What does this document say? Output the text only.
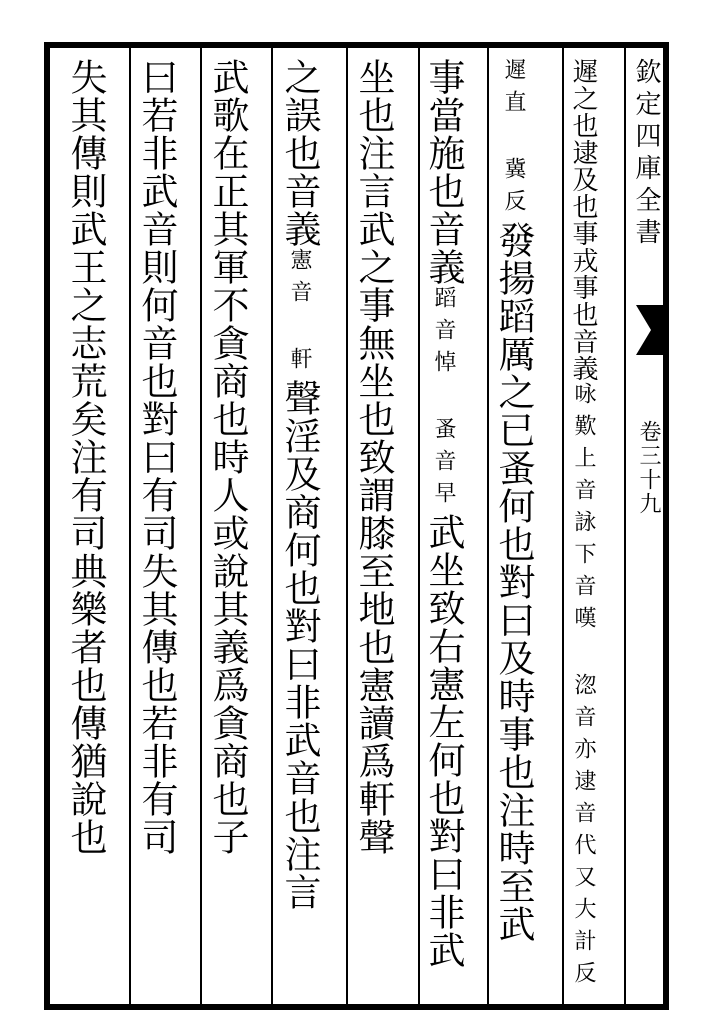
欽定四庫全書
卷三十九
遲之也逮及也事戎事也音義咏歎上音詠下音嘆 淴音亦逮音代又大計反
遲直 冀反發揚蹈厲之已蚤何也對曰及時事也注時至武
事當施也音義蹈音悼 蚤音早武坐致右憲左何也對曰非武
坐也注言武之事無坐也致謂膝至地也憲讀爲軒聲
之誤也音義憲音 軒聲淫及商何也對曰非武音也注言
武歌在正其軍不貪商也時人或說其義爲貪商也子
曰若非武音則何音也對曰有司失其傳也若非有司
失其傳則武王之志荒矣注有司典樂者也傳猶說也
